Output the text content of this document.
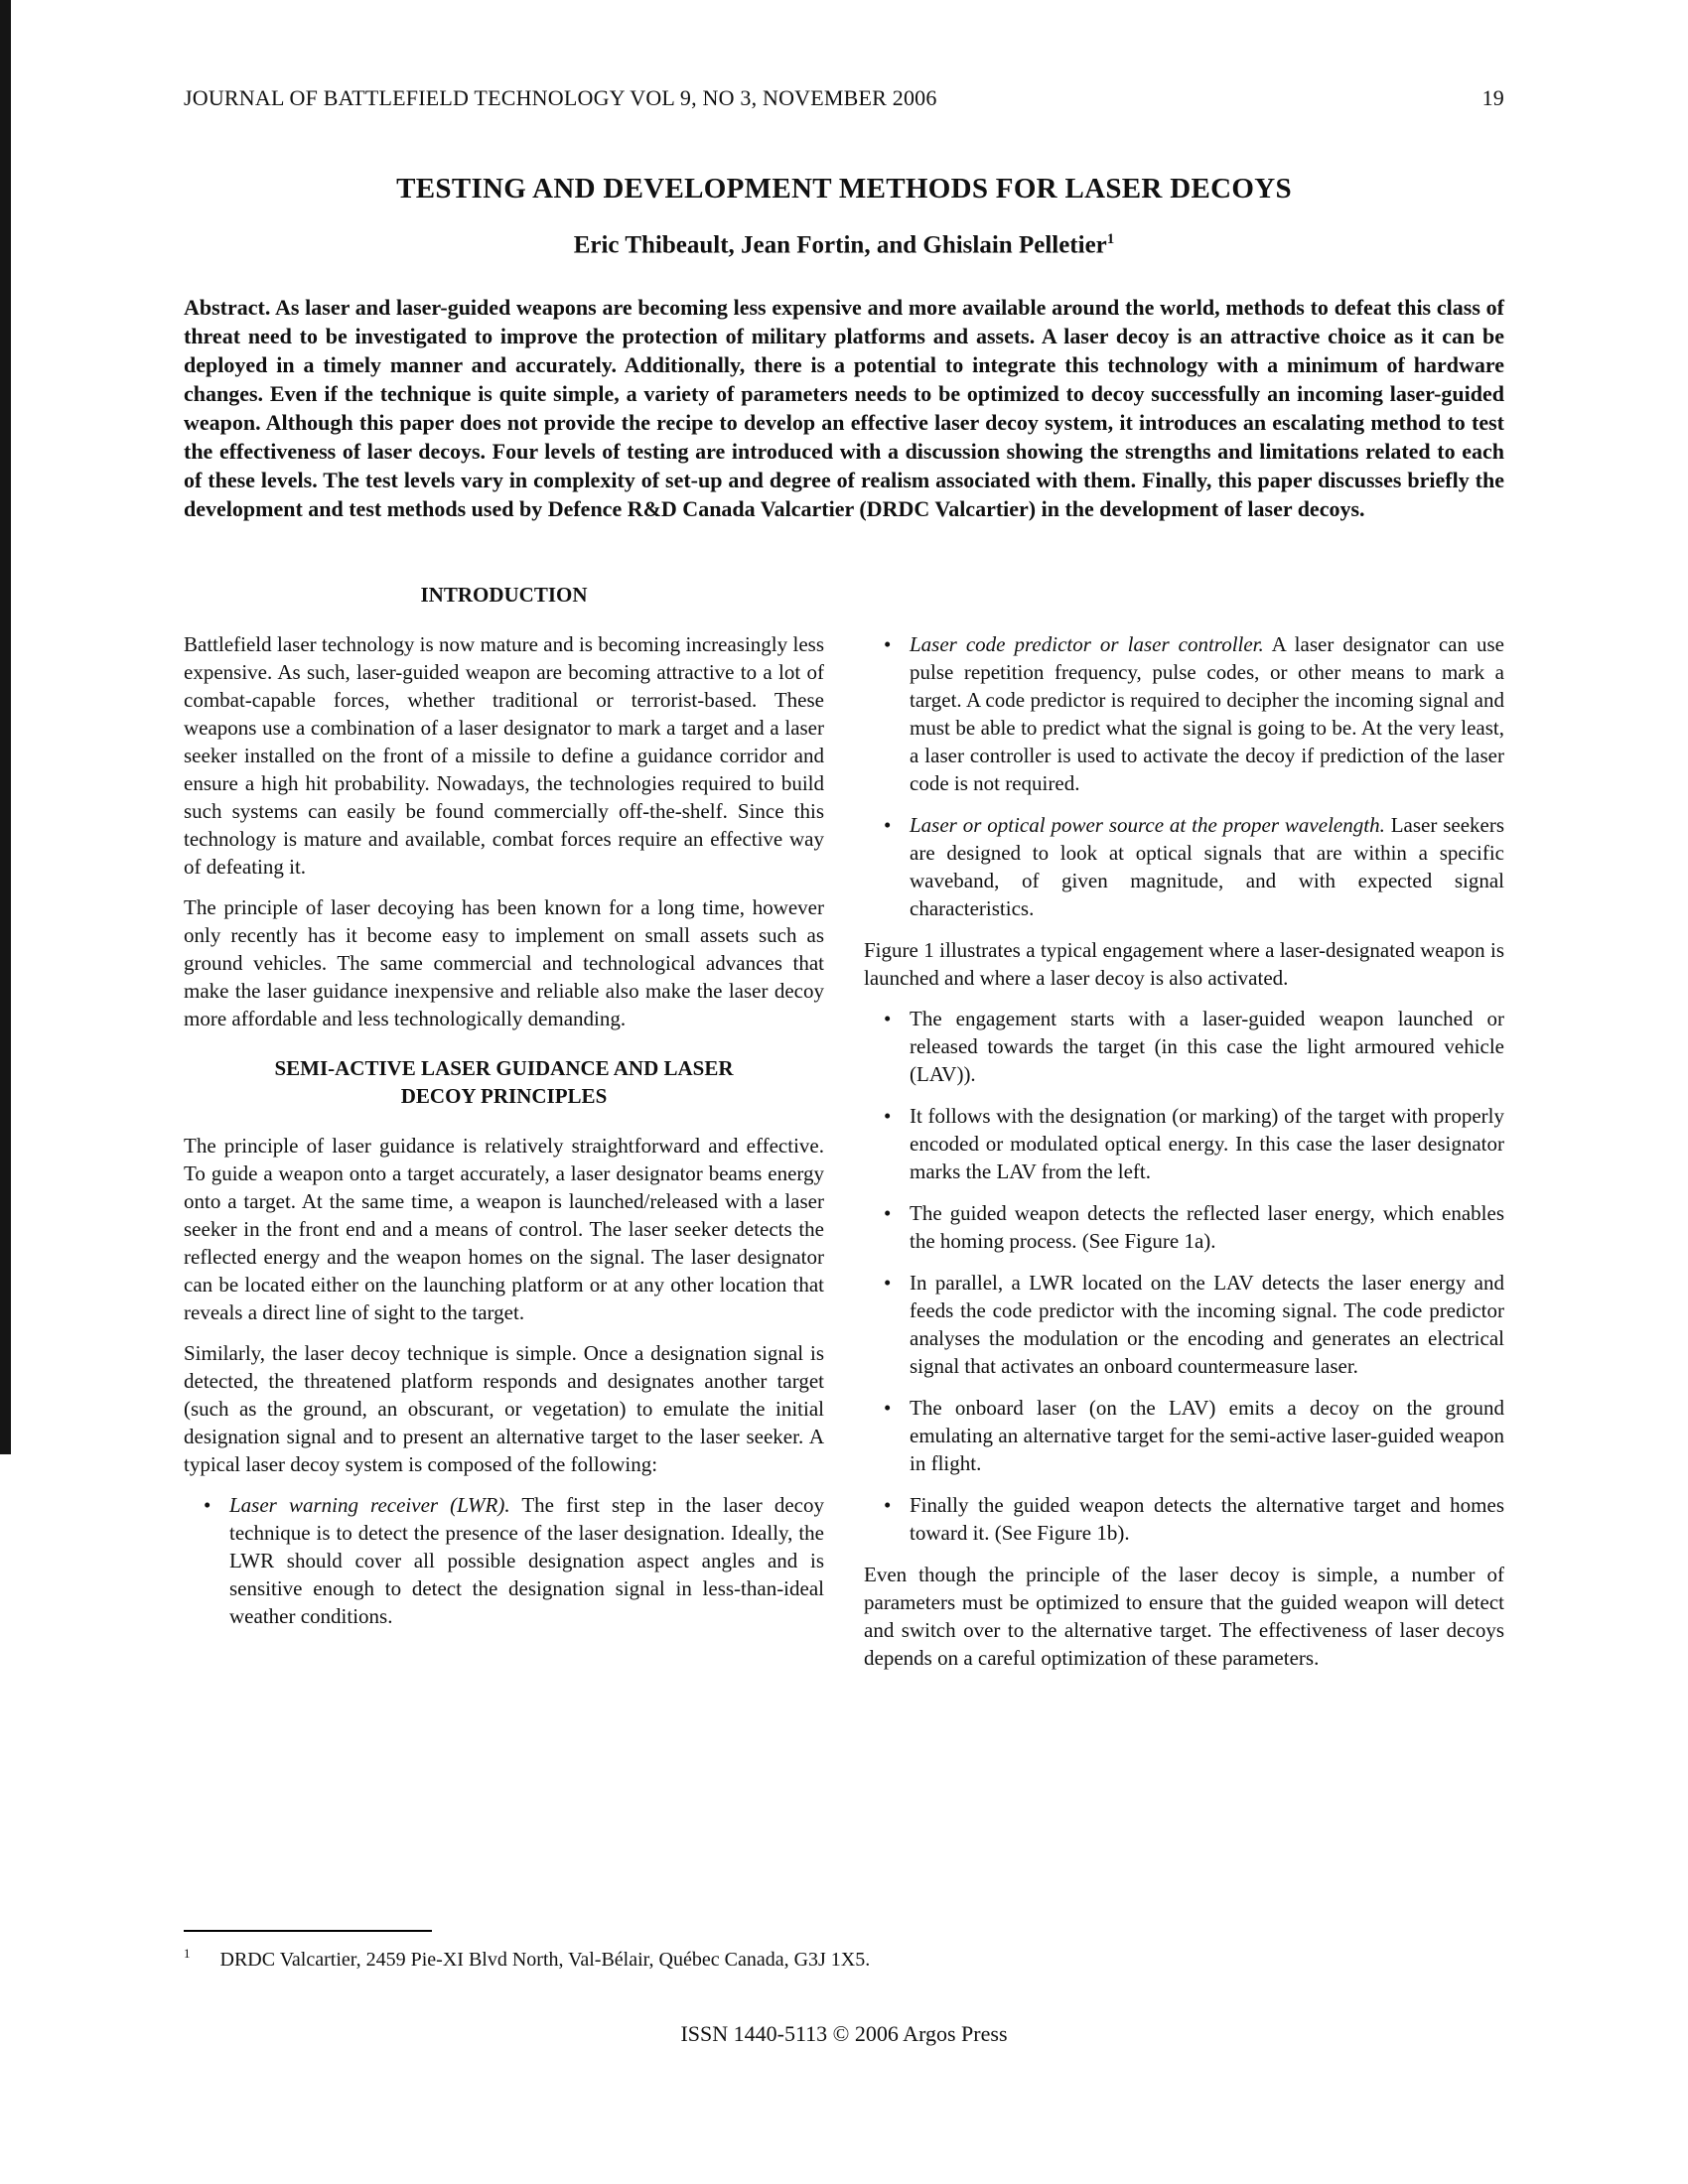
JOURNAL OF BATTLEFIELD TECHNOLOGY VOL 9, NO 3, NOVEMBER 2006	19
TESTING AND DEVELOPMENT METHODS FOR LASER DECOYS
Eric Thibeault, Jean Fortin, and Ghislain Pelletier$^1$

Abstract. As laser and laser-guided weapons are becoming less expensive and more available around the world, methods to defeat this class of threat need to be investigated to improve the protection of military platforms and assets. A laser decoy is an attractive choice as it can be deployed in a timely manner and accurately. Additionally, there is a potential to integrate this technology with a minimum of hardware changes. Even if the technique is quite simple, a variety of parameters needs to be optimized to decoy successfully an incoming laser-guided weapon. Although this paper does not provide the recipe to develop an effective laser decoy system, it introduces an escalating method to test the effectiveness of laser decoys. Four levels of testing are introduced with a discussion showing the strengths and limitations related to each of these levels. The test levels vary in complexity of set-up and degree of realism associated with them. Finally, this paper discusses briefly the development and test methods used by Defence R&D Canada Valcartier (DRDC Valcartier) in the development of laser decoys.

INTRODUCTION

Battlefield laser technology is now mature and is becoming increasingly less expensive. As such, laser-guided weapon are becoming attractive to a lot of combat-capable forces, whether traditional or terrorist-based. These weapons use a combination of a laser designator to mark a target and a laser seeker installed on the front of a missile to define a guidance corridor and ensure a high hit probability. Nowadays, the technologies required to build such systems can easily be found commercially off-the-shelf. Since this technology is mature and available, combat forces require an effective way of defeating it.

The principle of laser decoying has been known for a long time, however only recently has it become easy to implement on small assets such as ground vehicles. The same commercial and technological advances that make the laser guidance inexpensive and reliable also make the laser decoy more affordable and less technologically demanding.

SEMI-ACTIVE LASER GUIDANCE AND LASER
DECOY PRINCIPLES

The principle of laser guidance is relatively straightforward and effective. To guide a weapon onto a target accurately, a laser designator beams energy onto a target. At the same time, a weapon is launched/released with a laser seeker in the front end and a means of control. The laser seeker detects the reflected energy and the weapon homes on the signal. The laser designator can be located either on the launching platform or at any other location that reveals a direct line of sight to the target.

Similarly, the laser decoy technique is simple. Once a designation signal is detected, the threatened platform responds and designates another target (such as the ground, an obscurant, or vegetation) to emulate the initial designation signal and to present an alternative target to the laser seeker. A typical laser decoy system is composed of the following:

• Laser warning receiver (LWR). The first step in the laser decoy technique is to detect the presence of the laser designation. Ideally, the LWR should cover all possible designation aspect angles and is sensitive enough to detect the designation signal in less-than-ideal weather conditions.
• Laser code predictor or laser controller. A laser designator can use pulse repetition frequency, pulse codes, or other means to mark a target. A code predictor is required to decipher the incoming signal and must be able to predict what the signal is going to be. At the very least, a laser controller is used to activate the decoy if prediction of the laser code is not required.
• Laser or optical power source at the proper wavelength. Laser seekers are designed to look at optical signals that are within a specific waveband, of given magnitude, and with expected signal characteristics.

Figure 1 illustrates a typical engagement where a laser-designated weapon is launched and where a laser decoy is also activated.

• The engagement starts with a laser-guided weapon launched or released towards the target (in this case the light armoured vehicle (LAV)).
• It follows with the designation (or marking) of the target with properly encoded or modulated optical energy. In this case the laser designator marks the LAV from the left.
• The guided weapon detects the reflected laser energy, which enables the homing process. (See Figure 1a).
• In parallel, a LWR located on the LAV detects the laser energy and feeds the code predictor with the incoming signal. The code predictor analyses the modulation or the encoding and generates an electrical signal that activates an onboard countermeasure laser.
• The onboard laser (on the LAV) emits a decoy on the ground emulating an alternative target for the semi-active laser-guided weapon in flight.
• Finally the guided weapon detects the alternative target and homes toward it. (See Figure 1b).

Even though the principle of the laser decoy is simple, a number of parameters must be optimized to ensure that the guided weapon will detect and switch over to the alternative target. The effectiveness of laser decoys depends on a careful optimization of these parameters.

$^1$ DRDC Valcartier, 2459 Pie-XI Blvd North, Val-Bélair, Québec Canada, G3J 1X5.
ISSN 1440-5113 © 2006 Argos Press
